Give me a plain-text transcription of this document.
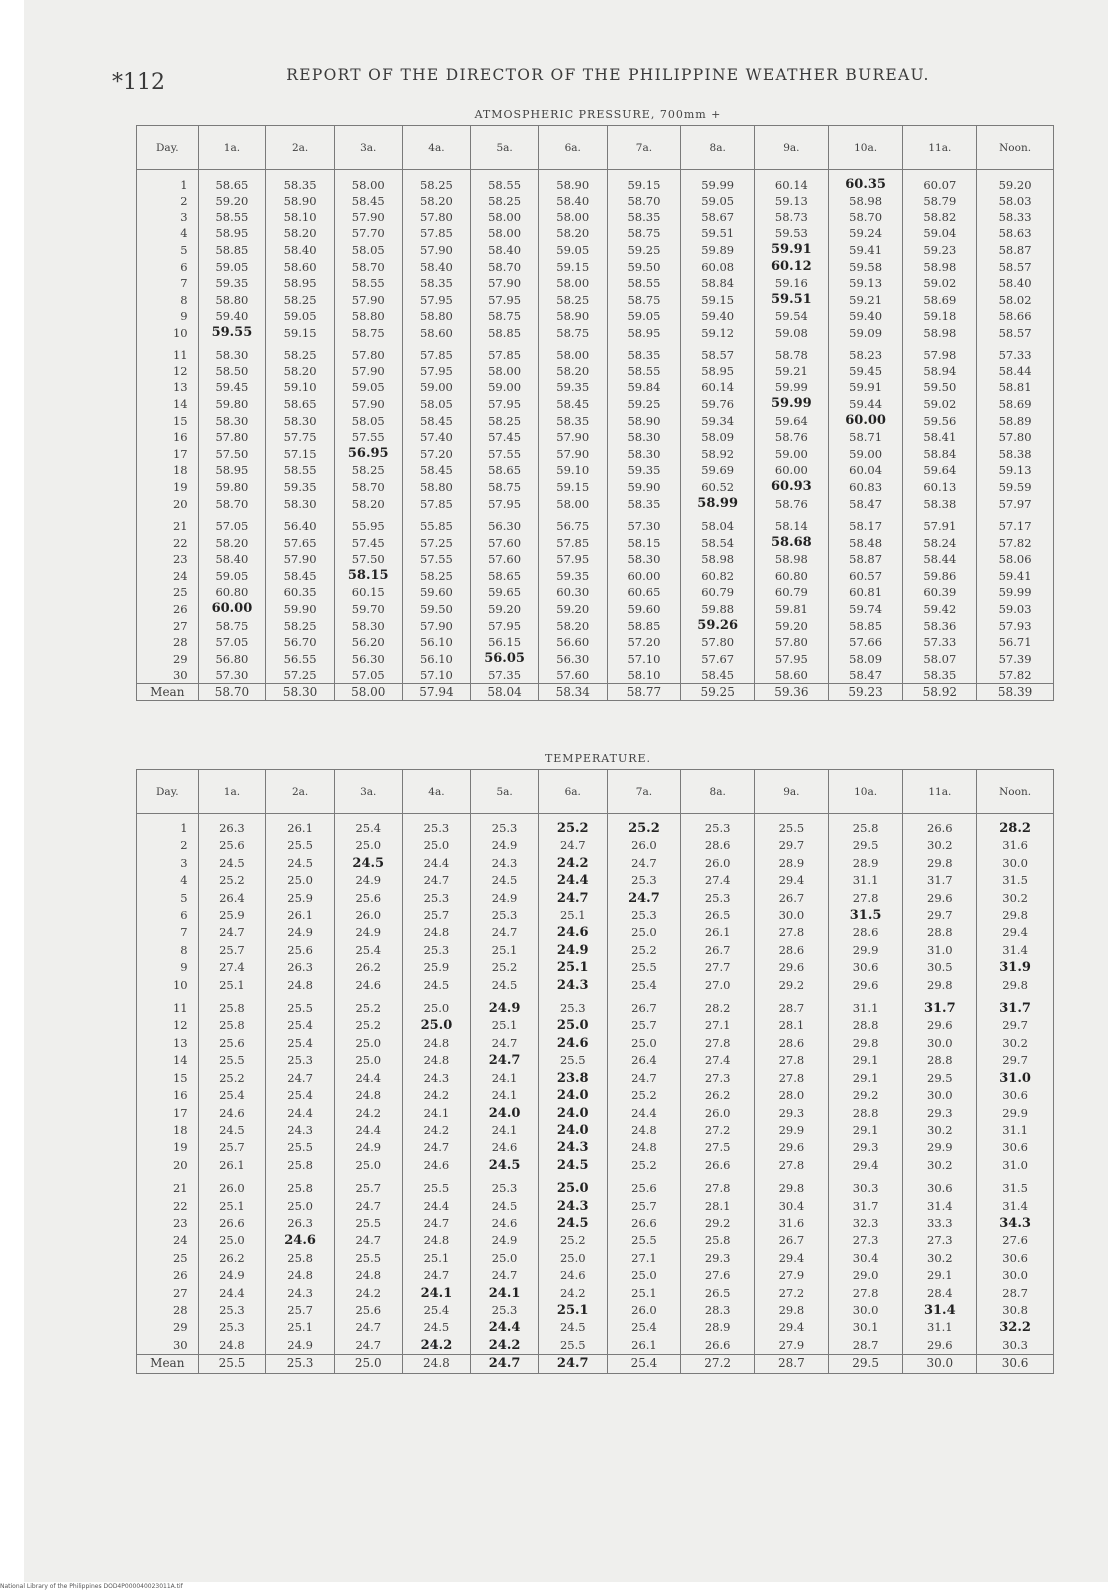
*112	REPORT OF THE DIRECTOR OF THE PHILIPPINE WEATHER BUREAU.
ATMOSPHERIC PRESSURE, 700mm +
Day.	1a.	2a.	3a.	4a.	5a.	6a.	7a.	8a.	9a.	10a.	11a.	Noon.
1	58.65	58.35	58.00	58.25	58.55	58.90	59.15	59.99	60.14	60.35	60.07	59.20
2	59.20	58.90	58.45	58.20	58.25	58.40	58.70	59.05	59.13	58.98	58.79	58.03
3	58.55	58.10	57.90	57.80	58.00	58.00	58.35	58.67	58.73	58.70	58.82	58.33
4	58.95	58.20	57.70	57.85	58.00	58.20	58.75	59.51	59.53	59.24	59.04	58.63
5	58.85	58.40	58.05	57.90	58.40	59.05	59.25	59.89	59.91	59.41	59.23	58.87
6	59.05	58.60	58.70	58.40	58.70	59.15	59.50	60.08	60.12	59.58	58.98	58.57
7	59.35	58.95	58.55	58.35	57.90	58.00	58.55	58.84	59.16	59.13	59.02	58.40
8	58.80	58.25	57.90	57.95	57.95	58.25	58.75	59.15	59.51	59.21	58.69	58.02
9	59.40	59.05	58.80	58.80	58.75	58.90	59.05	59.40	59.54	59.40	59.18	58.66
10	59.55	59.15	58.75	58.60	58.85	58.75	58.95	59.12	59.08	59.09	58.98	58.57
11	58.30	58.25	57.80	57.85	57.85	58.00	58.35	58.57	58.78	58.23	57.98	57.33
12	58.50	58.20	57.90	57.95	58.00	58.20	58.55	58.95	59.21	59.45	58.94	58.44
13	59.45	59.10	59.05	59.00	59.00	59.35	59.84	60.14	59.99	59.91	59.50	58.81
14	59.80	58.65	57.90	58.05	57.95	58.45	59.25	59.76	59.99	59.44	59.02	58.69
15	58.30	58.30	58.05	58.45	58.25	58.35	58.90	59.34	59.64	60.00	59.56	58.89
16	57.80	57.75	57.55	57.40	57.45	57.90	58.30	58.09	58.76	58.71	58.41	57.80
17	57.50	57.15	56.95	57.20	57.55	57.90	58.30	58.92	59.00	59.00	58.84	58.38
18	58.95	58.55	58.25	58.45	58.65	59.10	59.35	59.69	60.00	60.04	59.64	59.13
19	59.80	59.35	58.70	58.80	58.75	59.15	59.90	60.52	60.93	60.83	60.13	59.59
20	58.70	58.30	58.20	57.85	57.95	58.00	58.35	58.99	58.76	58.47	58.38	57.97
21	57.05	56.40	55.95	55.85	56.30	56.75	57.30	58.04	58.14	58.17	57.91	57.17
22	58.20	57.65	57.45	57.25	57.60	57.85	58.15	58.54	58.68	58.48	58.24	57.82
23	58.40	57.90	57.50	57.55	57.60	57.95	58.30	58.98	58.98	58.87	58.44	58.06
24	59.05	58.45	58.15	58.25	58.65	59.35	60.00	60.82	60.80	60.57	59.86	59.41
25	60.80	60.35	60.15	59.60	59.65	60.30	60.65	60.79	60.79	60.81	60.39	59.99
26	60.00	59.90	59.70	59.50	59.20	59.20	59.60	59.88	59.81	59.74	59.42	59.03
27	58.75	58.25	58.30	57.90	57.95	58.20	58.85	59.26	59.20	58.85	58.36	57.93
28	57.05	56.70	56.20	56.10	56.15	56.60	57.20	57.80	57.80	57.66	57.33	56.71
29	56.80	56.55	56.30	56.10	56.05	56.30	57.10	57.67	57.95	58.09	58.07	57.39
30	57.30	57.25	57.05	57.10	57.35	57.60	58.10	58.45	58.60	58.47	58.35	57.82
Mean	58.70	58.30	58.00	57.94	58.04	58.34	58.77	59.25	59.36	59.23	58.92	58.39
TEMPERATURE.
Day.	1a.	2a.	3a.	4a.	5a.	6a.	7a.	8a.	9a.	10a.	11a.	Noon.
1	26.3	26.1	25.4	25.3	25.3	25.2	25.2	25.3	25.5	25.8	26.6	28.2
2	25.6	25.5	25.0	25.0	24.9	24.7	26.0	28.6	29.7	29.5	30.2	31.6
3	24.5	24.5	24.5	24.4	24.3	24.2	24.7	26.0	28.9	28.9	29.8	30.0
4	25.2	25.0	24.9	24.7	24.5	24.4	25.3	27.4	29.4	31.1	31.7	31.5
5	26.4	25.9	25.6	25.3	24.9	24.7	24.7	25.3	26.7	27.8	29.6	30.2
6	25.9	26.1	26.0	25.7	25.3	25.1	25.3	26.5	30.0	31.5	29.7	29.8
7	24.7	24.9	24.9	24.8	24.7	24.6	25.0	26.1	27.8	28.6	28.8	29.4
8	25.7	25.6	25.4	25.3	25.1	24.9	25.2	26.7	28.6	29.9	31.0	31.4
9	27.4	26.3	26.2	25.9	25.2	25.1	25.5	27.7	29.6	30.6	30.5	31.9
10	25.1	24.8	24.6	24.5	24.5	24.3	25.4	27.0	29.2	29.6	29.8	29.8
11	25.8	25.5	25.2	25.0	24.9	25.3	26.7	28.2	28.7	31.1	31.7	31.7
12	25.8	25.4	25.2	25.0	25.1	25.0	25.7	27.1	28.1	28.8	29.6	29.7
13	25.6	25.4	25.0	24.8	24.7	24.6	25.0	27.8	28.6	29.8	30.0	30.2
14	25.5	25.3	25.0	24.8	24.7	25.5	26.4	27.4	27.8	29.1	28.8	29.7
15	25.2	24.7	24.4	24.3	24.1	23.8	24.7	27.3	27.8	29.1	29.5	31.0
16	25.4	25.4	24.8	24.2	24.1	24.0	25.2	26.2	28.0	29.2	30.0	30.6
17	24.6	24.4	24.2	24.1	24.0	24.0	24.4	26.0	29.3	28.8	29.3	29.9
18	24.5	24.3	24.4	24.2	24.1	24.0	24.8	27.2	29.9	29.1	30.2	31.1
19	25.7	25.5	24.9	24.7	24.6	24.3	24.8	27.5	29.6	29.3	29.9	30.6
20	26.1	25.8	25.0	24.6	24.5	24.5	25.2	26.6	27.8	29.4	30.2	31.0
21	26.0	25.8	25.7	25.5	25.3	25.0	25.6	27.8	29.8	30.3	30.6	31.5
22	25.1	25.0	24.7	24.4	24.5	24.3	25.7	28.1	30.4	31.7	31.4	31.4
23	26.6	26.3	25.5	24.7	24.6	24.5	26.6	29.2	31.6	32.3	33.3	34.3
24	25.0	24.6	24.7	24.8	24.9	25.2	25.5	25.8	26.7	27.3	27.3	27.6
25	26.2	25.8	25.5	25.1	25.0	25.0	27.1	29.3	29.4	30.4	30.2	30.6
26	24.9	24.8	24.8	24.7	24.7	24.6	25.0	27.6	27.9	29.0	29.1	30.0
27	24.4	24.3	24.2	24.1	24.1	24.2	25.1	26.5	27.2	27.8	28.4	28.7
28	25.3	25.7	25.6	25.4	25.3	25.1	26.0	28.3	29.8	30.0	31.4	30.8
29	25.3	25.1	24.7	24.5	24.4	24.5	25.4	28.9	29.4	30.1	31.1	32.2
30	24.8	24.9	24.7	24.2	24.2	25.5	26.1	26.6	27.9	28.7	29.6	30.3
Mean	25.5	25.3	25.0	24.8	24.7	24.7	25.4	27.2	28.7	29.5	30.0	30.6
National Library of the Philippines DOD4P000040023011A.tif
